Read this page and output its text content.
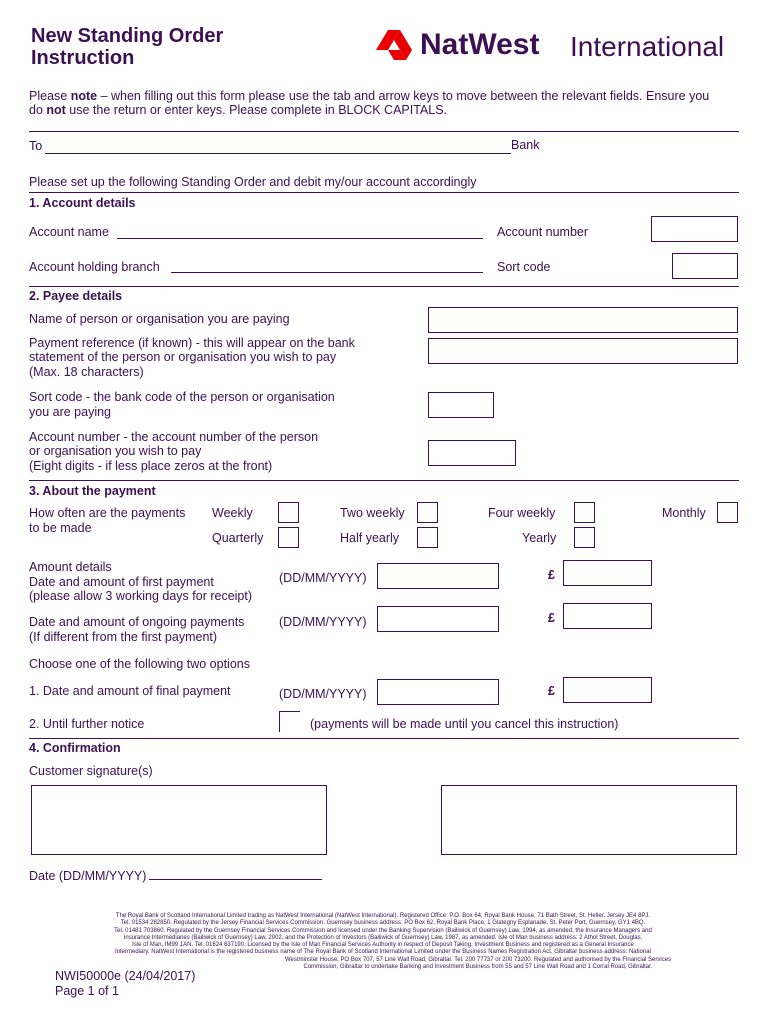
New Standing Order
Instruction	NatWest International
Please note – when filling out this form please use the tab and arrow keys to move between the relevant fields. Ensure you
do not use the return or enter keys. Please complete in BLOCK CAPITALS.
To	Bank
Please set up the following Standing Order and debit my/our account accordingly
1. Account details
Account name	Account number
Account holding branch	Sort code
2. Payee details
Name of person or organisation you are paying
Payment reference (if known) - this will appear on the bank
statement of the person or organisation you wish to pay
(Max. 18 characters)
Sort code - the bank code of the person or organisation
you are paying
Account number - the account number of the person
or organisation you wish to pay
(Eight digits - if less place zeros at the front)
3. About the payment
How often are the payments
to be made
Weekly	Two weekly	Four weekly	Monthly
Quarterly	Half yearly	Yearly
Amount details
Date and amount of first payment
(please allow 3 working days for receipt)
(DD/MM/YYYY)	£
Date and amount of ongoing payments
(If different from the first payment)
(DD/MM/YYYY)	£
Choose one of the following two options
1. Date and amount of final payment	(DD/MM/YYYY)	£
2. Until further notice	(payments will be made until you cancel this instruction)
4. Confirmation
Customer signature(s)
Date (DD/MM/YYYY)
The Royal Bank of Scotland International Limited trading as NatWest International (NatWest International). Registered Office: P.O. Box 64, Royal Bank House, 71 Bath Street, St. Helier, Jersey JE4 8PJ.
Tel. 01534 282850. Regulated by the Jersey Financial Services Commission. Guernsey business address: PO Box 62, Royal Bank Place, 1 Glategny Esplanade, St. Peter Port, Guernsey, GY1 4BQ.
Tel. 01481 703860. Regulated by the Guernsey Financial Services Commission and licensed under the Banking Supervision (Bailiwick of Guernsey) Law, 1994, as amended, the Insurance Managers and
Insurance Intermediaries (Bailiwick of Guernsey) Law, 2002, and the Protection of Investors (Bailiwick of Guernsey) Law, 1987, as amended. Isle of Man business address: 2 Athol Street, Douglas,
Isle of Man, IM99 1AN. Tel. 01624 637190. Licensed by the Isle of Man Financial Services Authority in respect of Deposit Taking, Investment Business and registered as a General Insurance
Intermediary. NatWest International is the registered business name of The Royal Bank of Scotland International Limited under the Business Names Registration Act. Gibraltar business address: National
Westminster House, PO Box 707, 57 Line Wall Road, Gibraltar. Tel. 200 77737 or 200 73200. Regulated and authorised by the Financial Services
Commission, Gibraltar to undertake Banking and Investment Business from 55 and 57 Line Wall Road and 1 Corral Road, Gibraltar.
NWI50000e (24/04/2017)
Page 1 of 1
